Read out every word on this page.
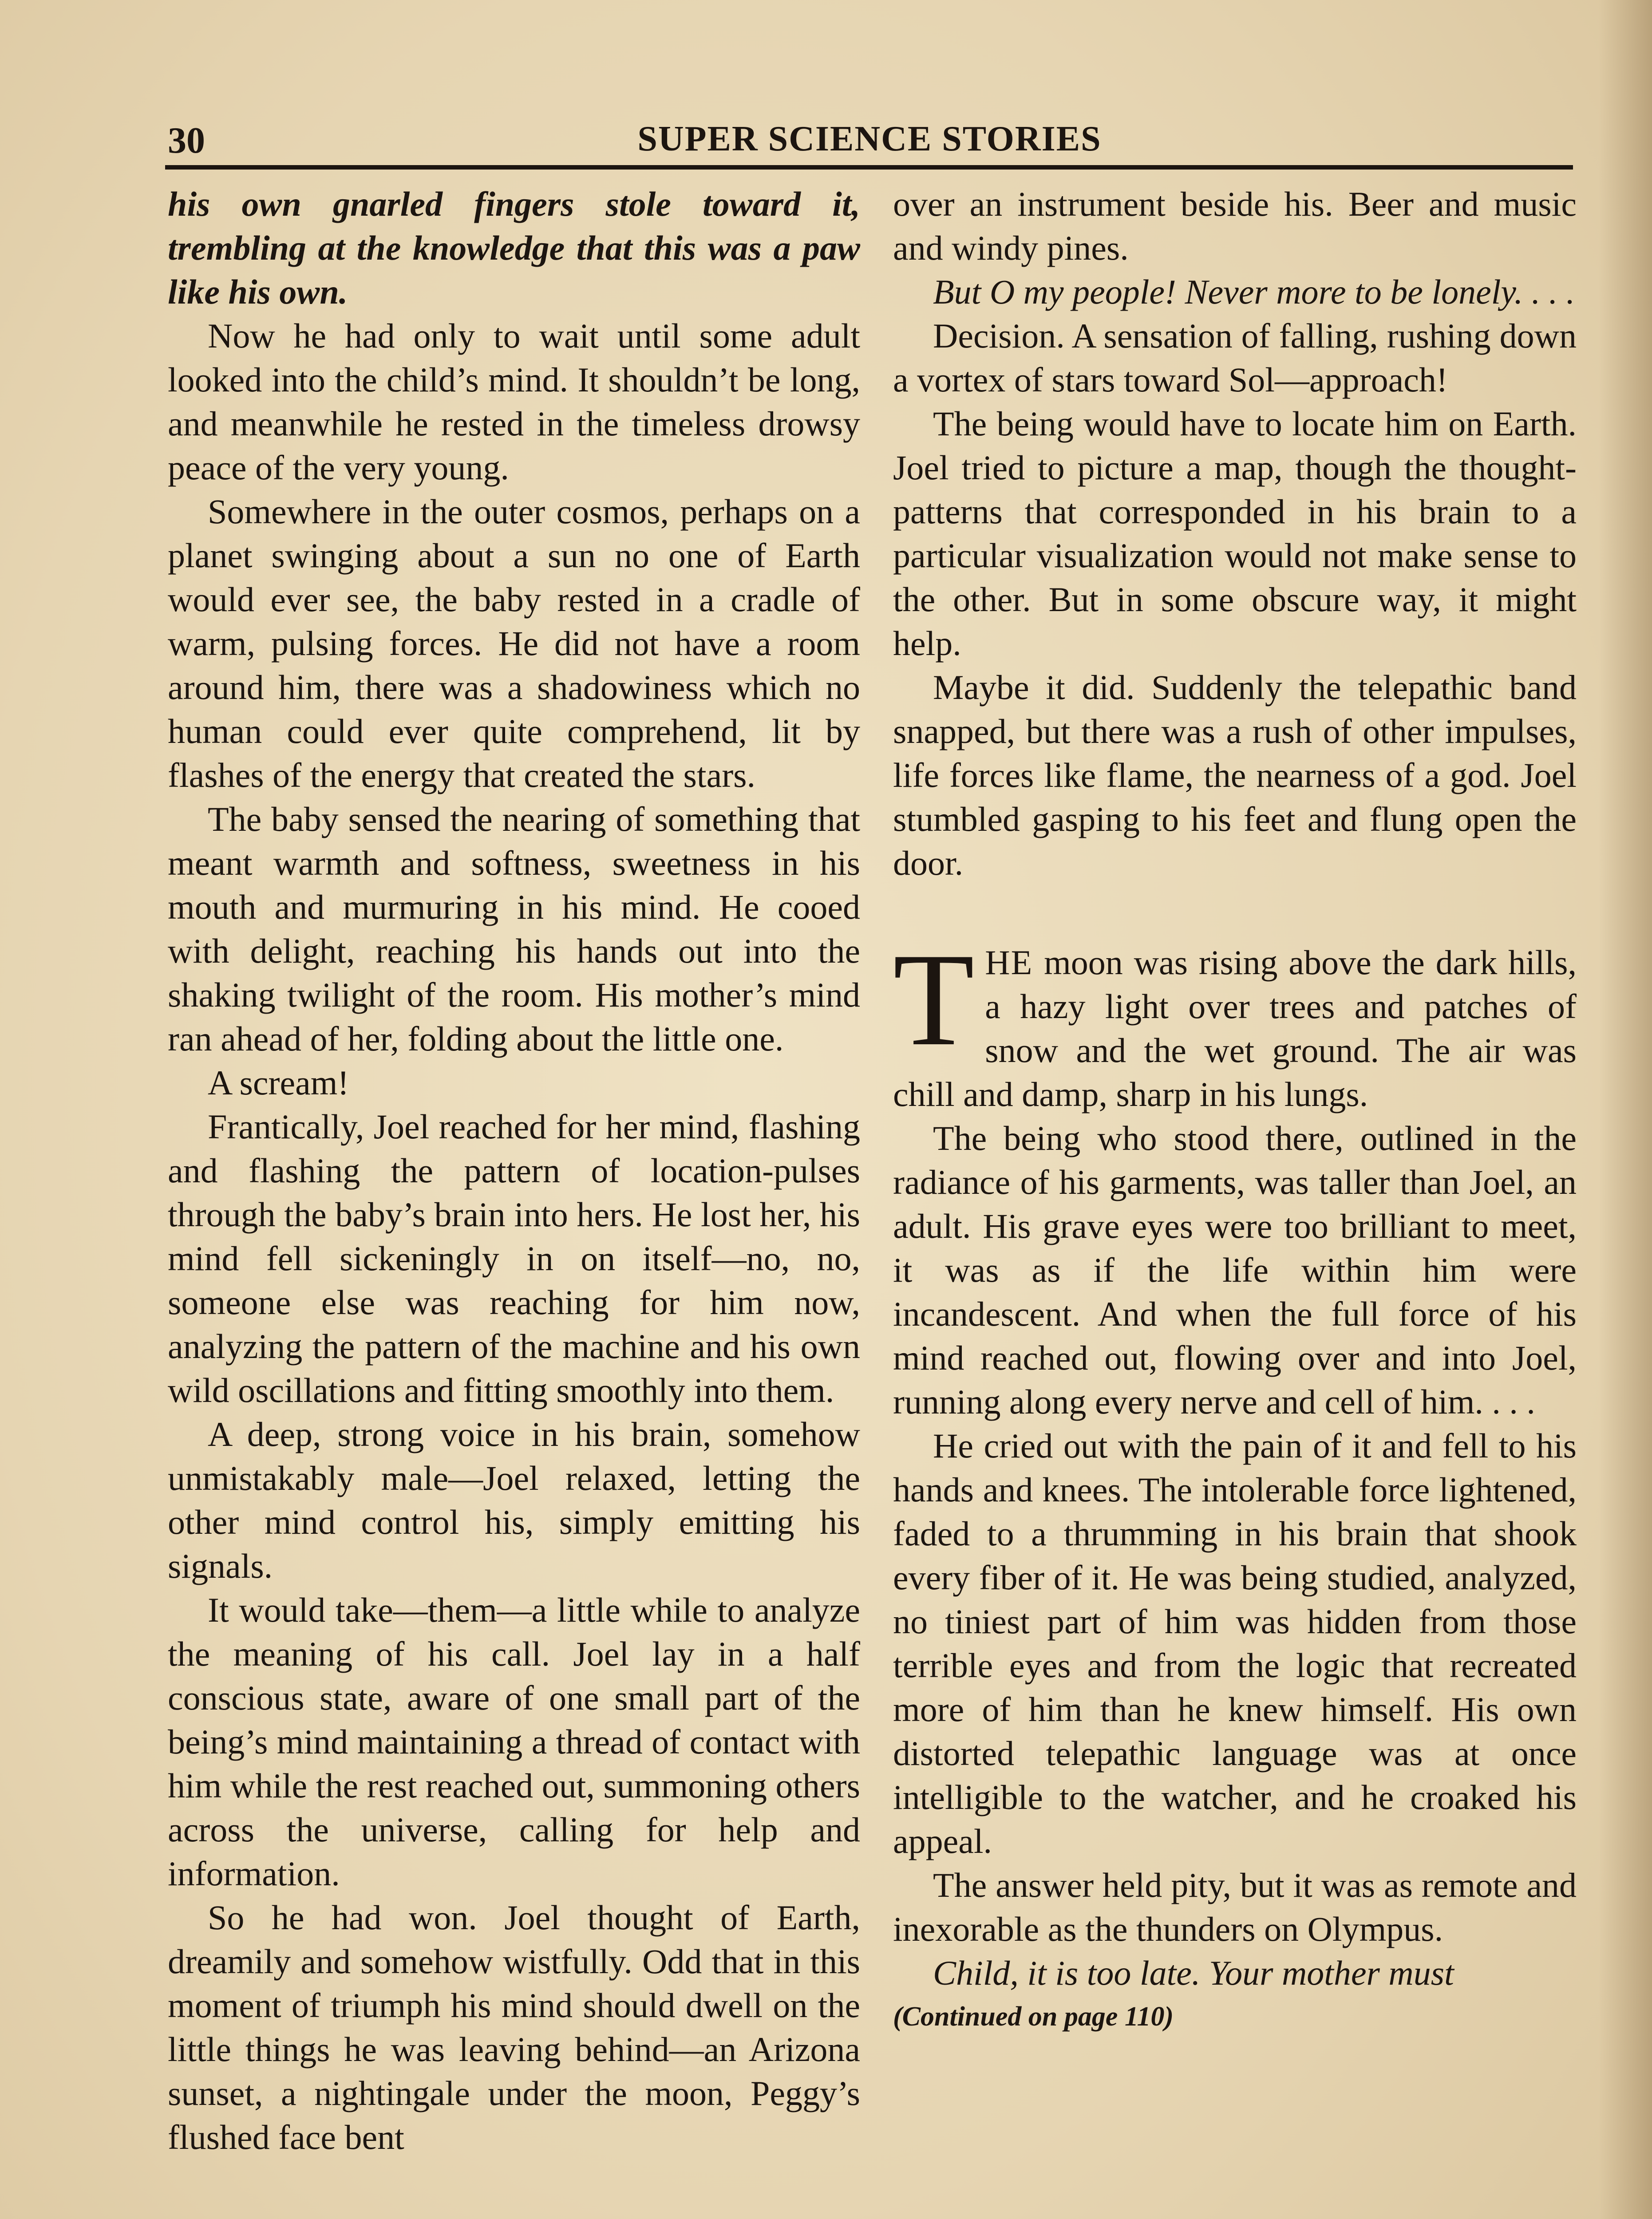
30	SUPER SCIENCE STORIES

his own gnarled fingers stole toward it, trembling at the knowledge that this was a paw like his own.

Now he had only to wait until some adult looked into the child’s mind. It shouldn’t be long, and meanwhile he rested in the timeless drowsy peace of the very young.

Somewhere in the outer cosmos, perhaps on a planet swinging about a sun no one of Earth would ever see, the baby rested in a cradle of warm, pulsing forces. He did not have a room around him, there was a shadowiness which no human could ever quite comprehend, lit by flashes of the energy that created the stars.

The baby sensed the nearing of something that meant warmth and softness, sweetness in his mouth and murmuring in his mind. He cooed with delight, reaching his hands out into the shaking twilight of the room. His mother’s mind ran ahead of her, folding about the little one.

A scream!

Frantically, Joel reached for her mind, flashing and flashing the pattern of location-pulses through the baby’s brain into hers. He lost her, his mind fell sickeningly in on itself—no, no, someone else was reaching for him now, analyzing the pattern of the machine and his own wild oscillations and fitting smoothly into them.

A deep, strong voice in his brain, somehow unmistakably male—Joel relaxed, letting the other mind control his, simply emitting his signals.

It would take—them—a little while to analyze the meaning of his call. Joel lay in a half conscious state, aware of one small part of the being’s mind maintaining a thread of contact with him while the rest reached out, summoning others across the universe, calling for help and information.

So he had won. Joel thought of Earth, dreamily and somehow wistfully. Odd that in this moment of triumph his mind should dwell on the little things he was leaving behind—an Arizona sunset, a nightingale under the moon, Peggy’s flushed face bent

over an instrument beside his. Beer and music and windy pines.

But O my people! Never more to be lonely. . . .

Decision. A sensation of falling, rushing down a vortex of stars toward Sol—approach!

The being would have to locate him on Earth. Joel tried to picture a map, though the thought-patterns that corresponded in his brain to a particular visualization would not make sense to the other. But in some obscure way, it might help.

Maybe it did. Suddenly the telepathic band snapped, but there was a rush of other impulses, life forces like flame, the nearness of a god. Joel stumbled gasping to his feet and flung open the door.

THE moon was rising above the dark hills, a hazy light over trees and patches of snow and the wet ground. The air was chill and damp, sharp in his lungs.

The being who stood there, outlined in the radiance of his garments, was taller than Joel, an adult. His grave eyes were too brilliant to meet, it was as if the life within him were incandescent. And when the full force of his mind reached out, flowing over and into Joel, running along every nerve and cell of him. . . .

He cried out with the pain of it and fell to his hands and knees. The intolerable force lightened, faded to a thrumming in his brain that shook every fiber of it. He was being studied, analyzed, no tiniest part of him was hidden from those terrible eyes and from the logic that recreated more of him than he knew himself. His own distorted telepathic language was at once intelligible to the watcher, and he croaked his appeal.

The answer held pity, but it was as remote and inexorable as the thunders on Olympus.

Child, it is too late. Your mother must

(Continued on page 110)
